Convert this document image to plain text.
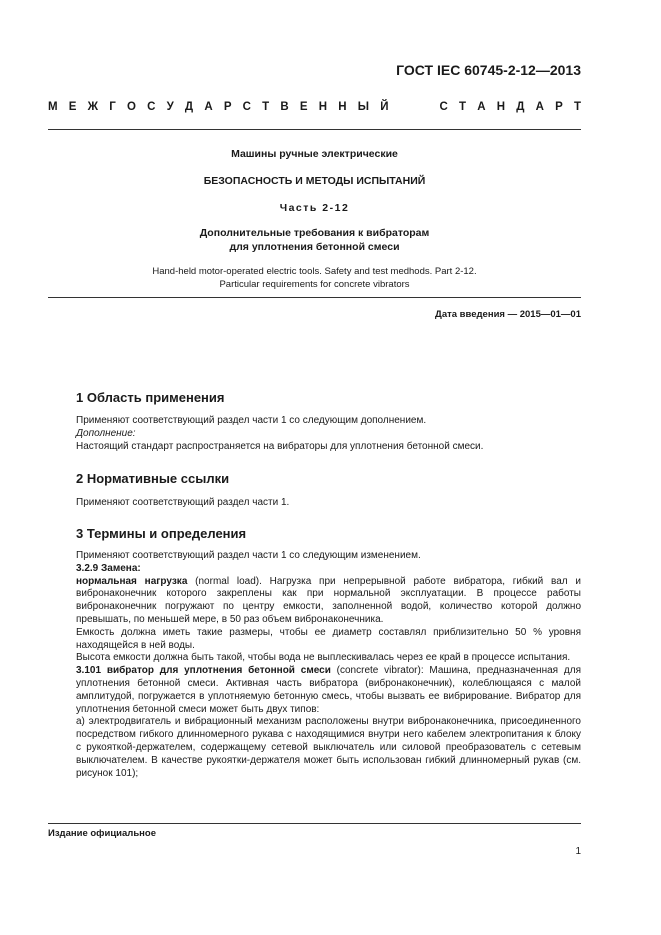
ГОСТ IEC 60745-2-12—2013
М Е Ж Г О С У Д А Р С Т В Е Н Н Ы Й	С Т А Н Д А Р Т
Машины ручные электрические
БЕЗОПАСНОСТЬ И МЕТОДЫ ИСПЫТАНИЙ
Часть 2-12
Дополнительные требования к вибраторам
для уплотнения бетонной смеси
Hand-held motor-operated electric tools. Safety and test medhods. Part 2-12.
Particular requirements for concrete vibrators
Дата введения — 2015—01—01
1 Область применения

Применяют соответствующий раздел части 1 со следующим дополнением.

Дополнение:

Настоящий стандарт распространяется на вибраторы для уплотнения бетонной смеси.

2 Нормативные ссылки

Применяют соответствующий раздел части 1.

3 Термины и определения

Применяют соответствующий раздел части 1 со следующим изменением.

3.2.9 Замена:

нормальная нагрузка (normal load). Нагрузка при непрерывной работе вибратора, гибкий вал и вибронаконечник которого закреплены как при нормальной эксплуатации. В процессе работы вибронаконечник погружают по центру емкости, заполненной водой, количество которой должно превышать, по меньшей мере, в 50 раз объем вибронаконечника.

Емкость должна иметь такие размеры, чтобы ее диаметр составлял приблизительно 50 % уровня находящейся в ней воды.

Высота емкости должна быть такой, чтобы вода не выплескивалась через ее край в процессе испытания.

3.101 вибратор для уплотнения бетонной смеси (concrete vibrator): Машина, предназначенная для уплотнения бетонной смеси. Активная часть вибратора (вибронаконечник), колеблющаяся с малой амплитудой, погружается в уплотняемую бетонную смесь, чтобы вызвать ее вибрирование. Вибратор для уплотнения бетонной смеси может быть двух типов:

а) электродвигатель и вибрационный механизм расположены внутри вибронаконечника, присоединенного посредством гибкого длинномерного рукава с находящимися внутри него кабелем электропитания к блоку с рукояткой-держателем, содержащему сетевой выключатель или силовой преобразователь с сетевым выключателем. В качестве рукоятки-держателя может быть использован гибкий длинномерный рукав (см. рисунок 101);

Издание официальное
1
